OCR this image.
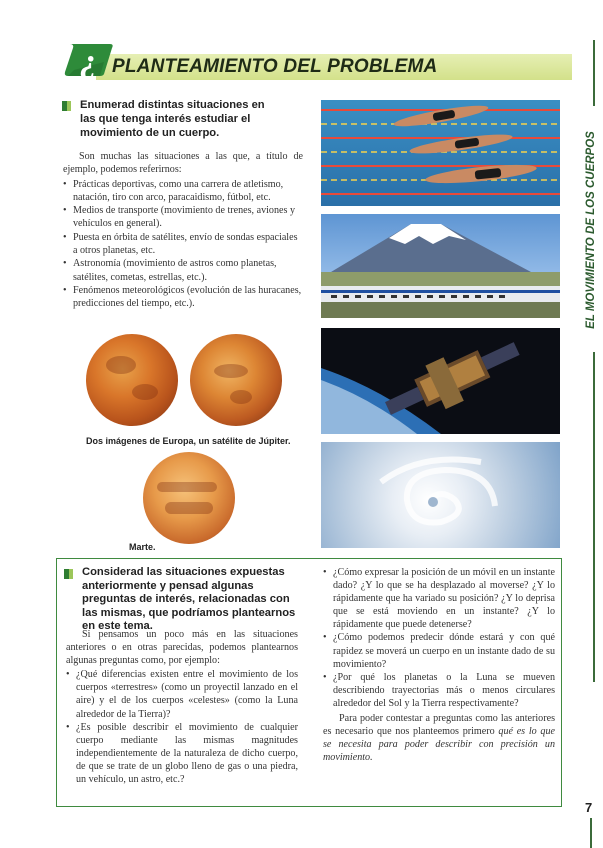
¿ PLANTEAMIENTO DEL PROBLEMA
EL MOVIMIENTO DE LOS CUERPOS
7
Enumerad distintas situaciones en las que tenga interés estudiar el movimiento de un cuerpo.

Son muchas las situaciones a las que, a título de ejemplo, podemos referirnos:

• Prácticas deportivas, como una carrera de atletismo, natación, tiro con arco, paracaidismo, fútbol, etc.
• Medios de transporte (movimiento de trenes, aviones y vehículos en general).
• Puesta en órbita de satélites, envío de sondas espaciales a otros planetas, etc.
• Astronomía (movimiento de astros como planetas, satélites, cometas, estrellas, etc.).
• Fenómenos meteorológicos (evolución de las huracanes, predicciones del tiempo, etc.).
Dos imágenes de Europa, un satélite de Júpiter.
Marte.
Considerad las situaciones expuestas anteriormente y pensad algunas preguntas de interés, relacionadas con las mismas, que podríamos plantearnos en este tema.

Si pensamos un poco más en las situaciones anteriores o en otras parecidas, podemos plantearnos algunas preguntas como, por ejemplo:

• ¿Qué diferencias existen entre el movimiento de los cuerpos «terrestres» (como un proyectil lanzado en el aire) y el de los cuerpos «celestes» (como la Luna alrededor de la Tierra)?
• ¿Es posible describir el movimiento de cualquier cuerpo mediante las mismas magnitudes independientemente de la naturaleza de dicho cuerpo, de que se trate de un globo lleno de gas o una piedra, un vehículo, un astro, etc.?
• ¿Cómo expresar la posición de un móvil en un instante dado? ¿Y lo que se ha desplazado al moverse? ¿Y lo rápidamente que ha variado su posición? ¿Y lo deprisa que se está moviendo en un instante? ¿Y lo rápidamente que puede detenerse?
• ¿Cómo podemos predecir dónde estará y con qué rapidez se moverá un cuerpo en un instante dado de su movimiento?
• ¿Por qué los planetas o la Luna se mueven describiendo trayectorias más o menos circulares alrededor del Sol y la Tierra respectivamente?

Para poder contestar a preguntas como las anteriores es necesario que nos planteemos primero qué es lo que se necesita para poder describir con precisión un movimiento.
